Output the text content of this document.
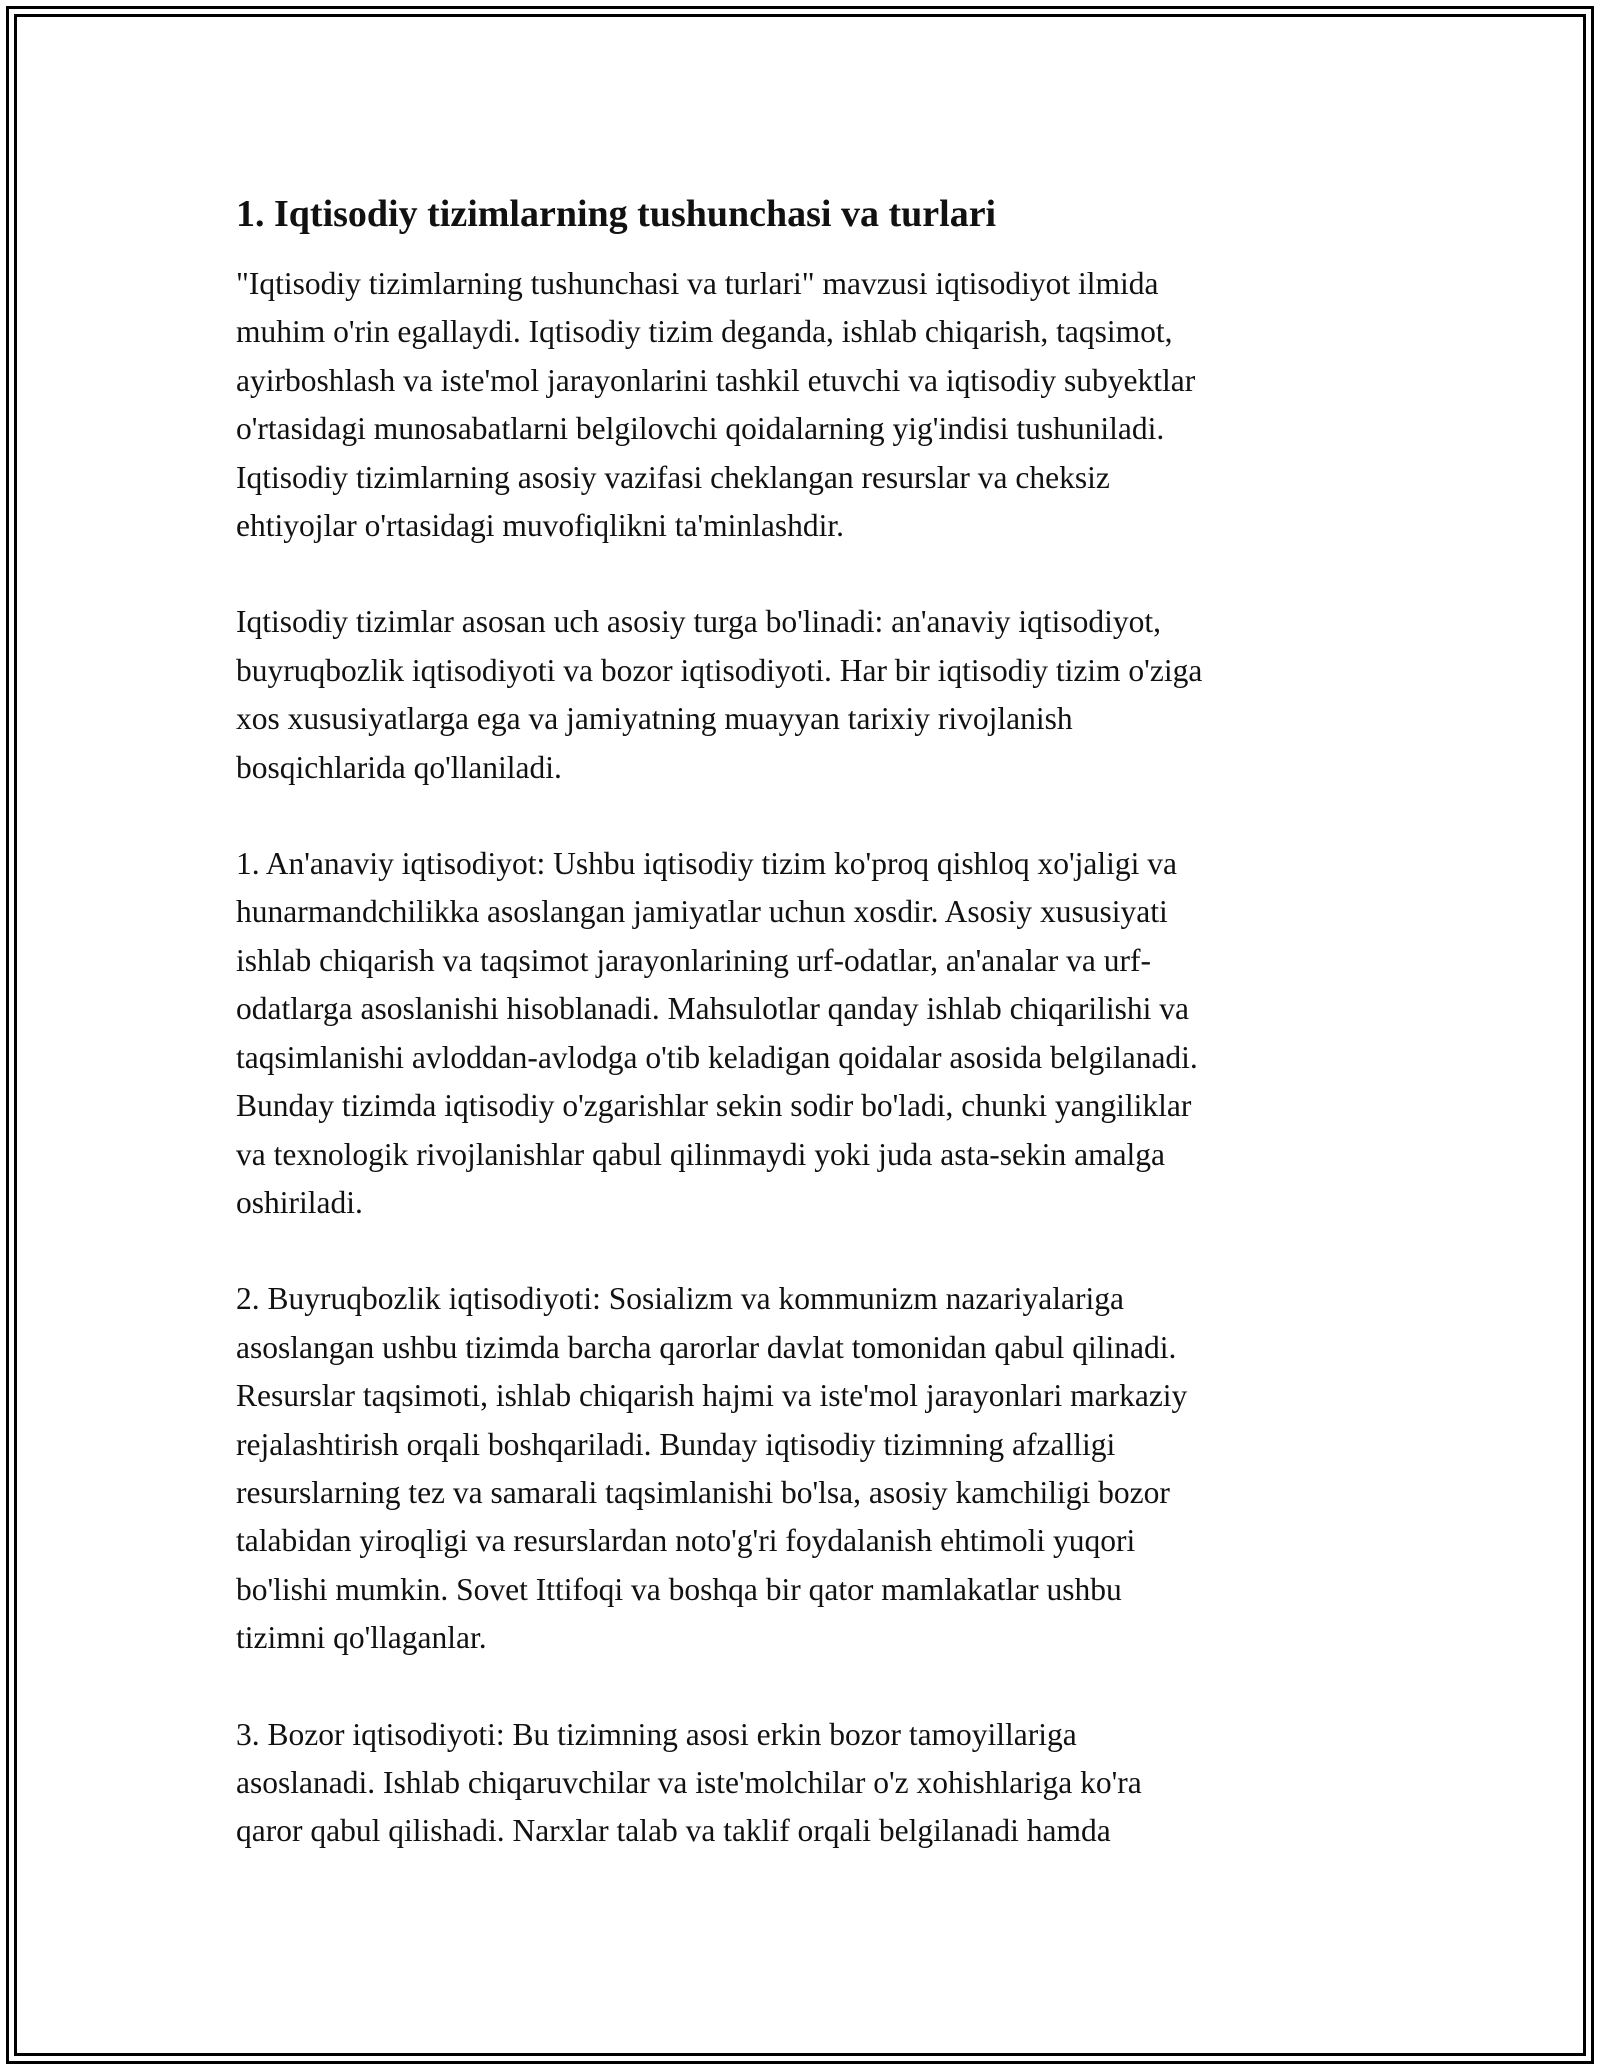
1. Iqtisodiy tizimlarning tushunchasi va turlari

"Iqtisodiy tizimlarning tushunchasi va turlari" mavzusi iqtisodiyot ilmida
muhim o'rin egallaydi. Iqtisodiy tizim deganda, ishlab chiqarish, taqsimot,
ayirboshlash va iste'mol jarayonlarini tashkil etuvchi va iqtisodiy subyektlar
o'rtasidagi munosabatlarni belgilovchi qoidalarning yig'indisi tushuniladi.
Iqtisodiy tizimlarning asosiy vazifasi cheklangan resurslar va cheksiz
ehtiyojlar o'rtasidagi muvofiqlikni ta'minlashdir.

Iqtisodiy tizimlar asosan uch asosiy turga bo'linadi: an'anaviy iqtisodiyot,
buyruqbozlik iqtisodiyoti va bozor iqtisodiyoti. Har bir iqtisodiy tizim o'ziga
xos xususiyatlarga ega va jamiyatning muayyan tarixiy rivojlanish
bosqichlarida qo'llaniladi.

1. An'anaviy iqtisodiyot: Ushbu iqtisodiy tizim ko'proq qishloq xo'jaligi va
hunarmandchilikka asoslangan jamiyatlar uchun xosdir. Asosiy xususiyati
ishlab chiqarish va taqsimot jarayonlarining urf-odatlar, an'analar va urf-
odatlarga asoslanishi hisoblanadi. Mahsulotlar qanday ishlab chiqarilishi va
taqsimlanishi avloddan-avlodga o'tib keladigan qoidalar asosida belgilanadi.
Bunday tizimda iqtisodiy o'zgarishlar sekin sodir bo'ladi, chunki yangiliklar
va texnologik rivojlanishlar qabul qilinmaydi yoki juda asta-sekin amalga
oshiriladi.

2. Buyruqbozlik iqtisodiyoti: Sosializm va kommunizm nazariyalariga
asoslangan ushbu tizimda barcha qarorlar davlat tomonidan qabul qilinadi.
Resurslar taqsimoti, ishlab chiqarish hajmi va iste'mol jarayonlari markaziy
rejalashtirish orqali boshqariladi. Bunday iqtisodiy tizimning afzalligi
resurslarning tez va samarali taqsimlanishi bo'lsa, asosiy kamchiligi bozor
talabidan yiroqligi va resurslardan noto'g'ri foydalanish ehtimoli yuqori
bo'lishi mumkin. Sovet Ittifoqi va boshqa bir qator mamlakatlar ushbu
tizimni qo'llaganlar.

3. Bozor iqtisodiyoti: Bu tizimning asosi erkin bozor tamoyillariga
asoslanadi. Ishlab chiqaruvchilar va iste'molchilar o'z xohishlariga ko'ra
qaror qabul qilishadi. Narxlar talab va taklif orqali belgilanadi hamda
